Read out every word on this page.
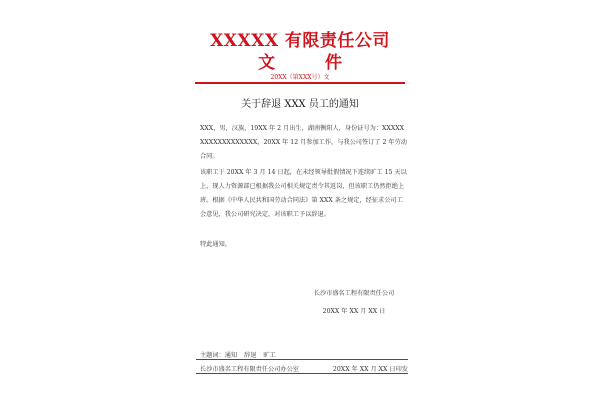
XXXXX 有限责任公司
文 件
20XX（第XXX号）文
关于辞退 XXX 员工的通知
XXX，男，汉族，19XX 年 2 月出生，湖南衡阳人，身份证号为：XXXXXXXXXXXXXXXXXX，20XX 年 12 月参加工作，与我公司签订了 2 年劳动合同。
该职工于 20XX 年 3 月 14 日起，在未经领导批假情况下连续旷工 15 天以上，现人力资源部已根据我公司相关规定责令其返岗，但该职工仍然拒绝上班。根据《中华人民共和国劳动合同法》第 XXX 条之规定，经征求公司工会意见，我公司研究决定，对该职工予以辞退。
特此通知。
长沙市盛名工程有限责任公司
20XX 年 XX 月 XX 日
主题词：通知 辞退 旷工
长沙市盛名工程有限责任公司办公室	20XX 年 XX 月 XX 日印发
